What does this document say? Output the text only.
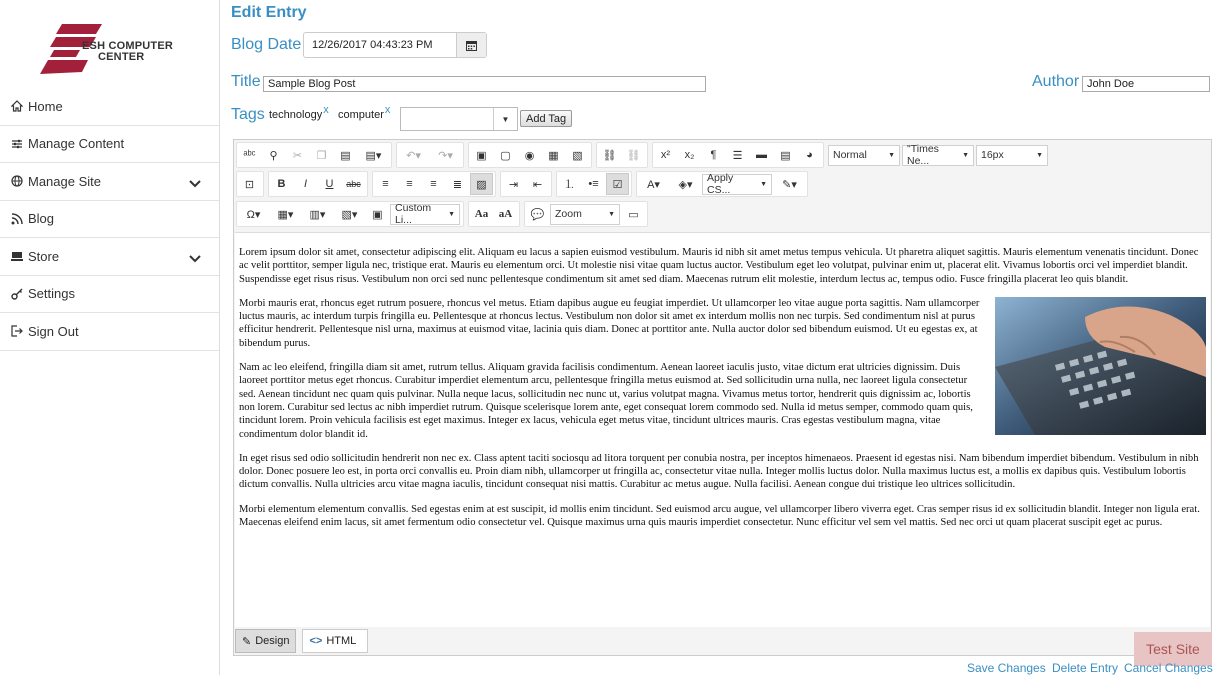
ESH COMPUTER
CENTER
Home
Manage Content
Manage Site
Blog
Store
Settings
Sign Out
Edit Entry
Blog Date 12/26/2017 04:43:23 PM
Title Sample Blog Post	Author John Doe
Tags technologyx computerx
▼	Add Tag
ᵃᵇᶜ	⚲	✂	❐	▤	▤▾	↶▾	↷▾	▣	▢	◉	▦	▧	⛓ ⛓	x²	x₂	¶	☰	▬	▤	◕	Normal	▼ "Times Ne...	▼ 16px	▼
⊡	B	I	U	abc	≡	≡	≡	≣	▨	⇥	⇤	⒈	•≡	☑	A▾	◈▾
Apply CS...	▼	✎▾
Ω▾	▦▾	▥▾	▧▾	▣
Custom Li...	▼	Aa aA	💬	Zoom	▼	▭

Lorem ipsum dolor sit amet, consectetur adipiscing elit. Aliquam eu lacus a sapien euismod vestibulum. Mauris id nibh sit amet metus tempus vehicula. Ut pharetra aliquet sagittis. Mauris elementum venenatis tincidunt. Donec ac velit porttitor, semper ligula nec, tristique erat. Mauris eu elementum orci. Ut molestie nisi vitae quam luctus auctor. Vestibulum eget leo volutpat, pulvinar enim ut, placerat elit. Vivamus lobortis orci vel imperdiet blandit. Suspendisse eget risus risus. Vestibulum non orci sed nunc pellentesque condimentum sit amet sed diam. Maecenas rutrum elit molestie, interdum lectus ac, tempus odio. Fusce fringilla placerat leo quis blandit.

Morbi mauris erat, rhoncus eget rutrum posuere, rhoncus vel metus. Etiam dapibus augue eu feugiat imperdiet. Ut ullamcorper leo vitae augue porta sagittis. Nam ullamcorper luctus mauris, ac interdum turpis fringilla eu. Pellentesque at rhoncus lectus. Vestibulum non dolor sit amet ex interdum mollis non nec turpis. Sed condimentum nisl at purus efficitur hendrerit. Pellentesque nisl urna, maximus at euismod vitae, lacinia quis diam. Donec at porttitor ante. Nulla auctor dolor sed bibendum euismod. Ut eu egestas ex, at bibendum purus.

Nam ac leo eleifend, fringilla diam sit amet, rutrum tellus. Aliquam gravida facilisis condimentum. Aenean laoreet iaculis justo, vitae dictum erat ultricies dignissim. Duis laoreet porttitor metus eget rhoncus. Curabitur imperdiet elementum arcu, pellentesque fringilla metus euismod at. Sed sollicitudin urna nulla, nec laoreet ligula consectetur sed. Aenean tincidunt nec quam quis pulvinar. Nulla neque lacus, sollicitudin nec nunc ut, varius volutpat magna. Vivamus metus tortor, hendrerit quis dignissim ac, lobortis non lorem. Curabitur sed lectus ac nibh imperdiet rutrum. Quisque scelerisque lorem ante, eget consequat lorem commodo sed. Nulla id metus semper, commodo quam quis, tincidunt lorem. Proin vehicula facilisis est eget maximus. Integer ex lacus, vehicula eget metus vitae, tincidunt ultrices mauris. Cras egestas vestibulum magna, vitae condimentum dolor blandit id.

In eget risus sed odio sollicitudin hendrerit non nec ex. Class aptent taciti sociosqu ad litora torquent per conubia nostra, per inceptos himenaeos. Praesent id egestas nisi. Nam bibendum imperdiet bibendum. Vestibulum in nibh dolor. Donec posuere leo est, in porta orci convallis eu. Proin diam nibh, ullamcorper ut fringilla ac, consectetur vitae nulla. Integer mollis luctus dolor. Nulla maximus luctus est, a mollis ex dapibus quis. Vestibulum lobortis dictum convallis. Nulla ultricies arcu vitae magna iaculis, tincidunt consequat nisi mattis. Curabitur ac metus augue. Nulla facilisi. Aenean congue dui tristique leo ultrices sollicitudin.

Morbi elementum elementum convallis. Sed egestas enim at est suscipit, id mollis enim tincidunt. Sed euismod arcu augue, vel ullamcorper libero viverra eget. Cras semper risus id ex sollicitudin blandit. Integer non ligula erat. Maecenas eleifend enim lacus, sit amet fermentum odio consectetur vel. Quisque maximus urna quis mauris imperdiet consectetur. Nunc efficitur vel sem vel mattis. Sed nec orci ut quam placerat suscipit eget ac purus.

✎ Design <> HTML	Test Site
Save Changes Delete Entry Cancel Changes
